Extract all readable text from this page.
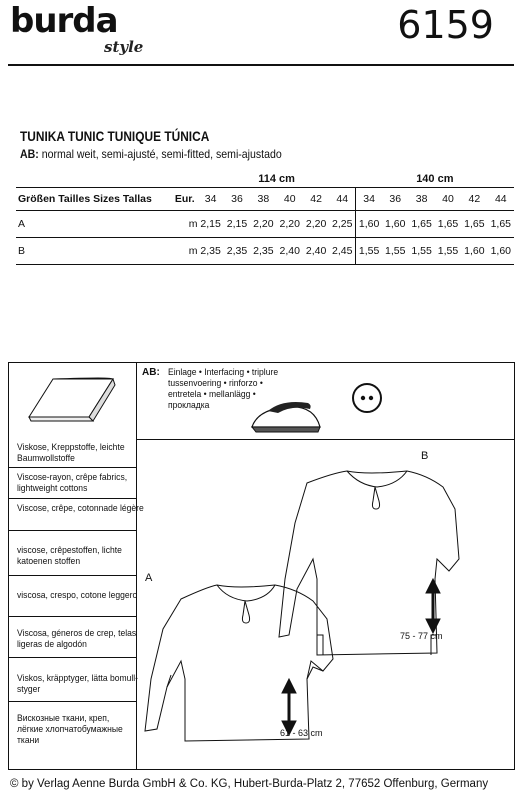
burda
style	6159
TUNIKA TUNIC TUNIQUE TÚNICA
AB: normal weit, semi-ajusté, semi-fitted, semi-ajustado
		114 cm						140 cm					
Größen Tailles Sizes Tallas	Eur.	34	36	38	40	42	44	34	36	38	40	42	44
A	m	2,15	2,15	2,20	2,20	2,20	2,25	1,60	1,60	1,65	1,65	1,65	1,65
B	m	2,35	2,35	2,35	2,40	2,40	2,45	1,55	1,55	1,55	1,55	1,60	1,60
Viskose, Kreppstoffe, leichte
Baumwollstoffe
Viscose-rayon, crêpe fabrics,
lightweight cottons
Viscose, crêpe, cotonnade légère
viscose, crêpestoffen, lichte
katoenen stoffen
viscosa, crespo, cotone leggero
Viscosa, géneros de crep, telas
ligeras de algodón
Viskos, kräpptyger, lätta bomull-
styger
Вискозные ткани, креп,
лёгкие хлопчатобумажные
ткани
AB: Einlage • Interfacing • triplure
tussenvoering • rinforzo •
entretela • mellanlägg •
прокладка
A
B
61 - 63 cm
75 - 77 cm
© by Verlag Aenne Burda GmbH & Co. KG, Hubert-Burda-Platz 2, 77652 Offenburg, Germany
